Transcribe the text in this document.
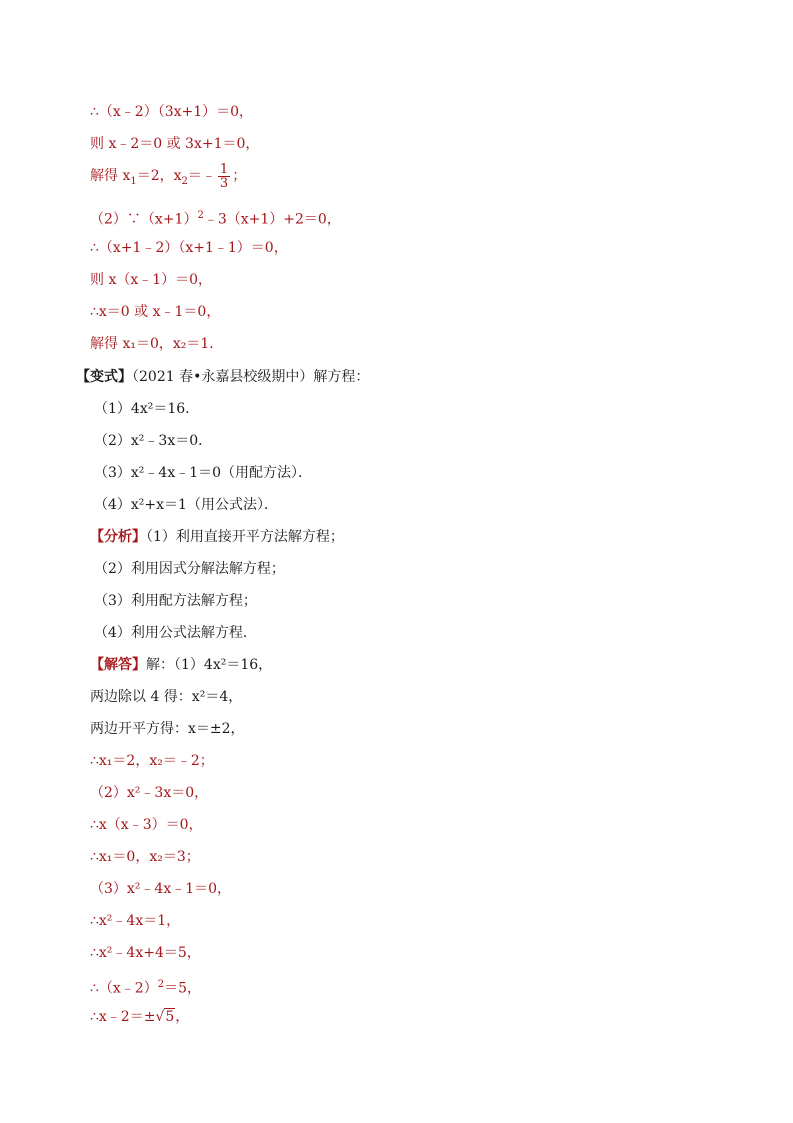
∴（x﹣2）（3x+1）＝0，
则 x﹣2＝0 或 3x+1＝0，
解得 $x_1=2$，$x_2=﹣ \frac{1}{3}$ ；
$(2)\because(x+1)^2﹣3(x+1)+2=0$，
∴（x+1﹣2）（x+1﹣1）＝0，
则 x（x﹣1）＝0，
∴x＝0 或 x﹣1＝0，
解得 x₁＝0，x₂＝1．
【变式】（2021 春•永嘉县校级期中）解方程：
（1）4x²＝16．
（2）x²﹣3x＝0．
（3）x²﹣4x﹣1＝0（用配方法）．
（4）x²+x＝1（用公式法）．
【分析】（1）利用直接开平方法解方程；
（2）利用因式分解法解方程；
（3）利用配方法解方程；
（4）利用公式法解方程．
【解答】解：（1）4x²＝16，
两边除以 4 得：x²＝4，
两边开平方得：x＝±2，
∴x₁＝2，x₂＝﹣2；
（2）x²﹣3x＝0，
∴x（x﹣3）＝0，
∴x₁＝0，x₂＝3；
（3）x²﹣4x﹣1＝0，
∴x²﹣4x＝1，
∴x²﹣4x+4＝5，
∴（x﹣2）$^2$＝5，
∴x﹣2＝±√5，
